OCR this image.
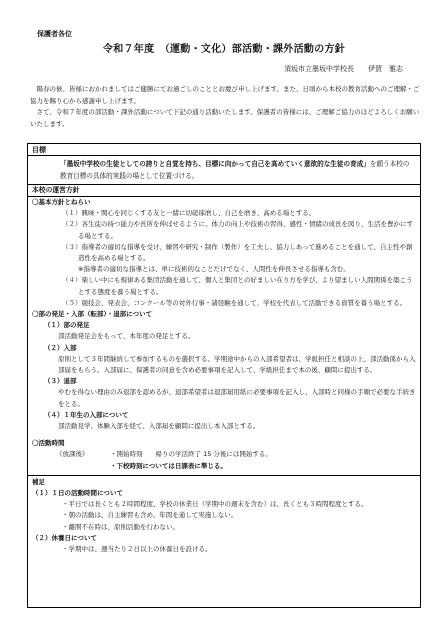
保護者各位
令和７年度　（運動・文化）部活動・課外活動の方針
須坂市立墨坂中学校長　　伊賀　雅志

陽春の候、皆様におかれましてはご健勝にてお過ごしのこととお慶び申し上げます。また、日頃から本校の教育活動へのご理解・ご協力を賜り心から感謝申し上げます。

さて、令和７年度の部活動・課外活動について下記の通り活動いたします。保護者の皆様には、ご理解ご協力のほどよろしくお願いいたします。

目標
「墨坂中学校の生徒としての誇りと自覚を持ち、目標に向かって自己を高めていく意欲的な生徒の育成」を願う本校の教育目標の具体的実践の場として位置づける。
本校の運営方針
〇基本方針とねらい
（１）興味・関心を同じくする友と一緒に切磋琢磨し、自己を磨き、高める場とする。
（２）各生徒の持つ能力や長所を伸ばせるように、体力の向上や技術の習得、感性・情緒の成長を図り、生活を豊かにする場とする。
（３）指導者の適切な指導を受け、練習や研究・制作（製作）を工夫し、協力しあって進めることを通して、自主性や創造性を高める場とする。
※指導者の適切な指導とは、単に技術的なことだけでなく、人間性を伸長させる指導も含む。
（４）楽しい中にも規律ある集団活動を通して、個人と集団との好ましい在り方を学び、より望ましい人間関係を築こうとする態度を養う場とする。
（５）競技会、発表会、コンクール等の対外行事・諸経験を通して、学校を代表して活動できる資質を養う場とする。
〇部の発足・入部（転部）・退部について
（１）部の発足
部活動発足会をもって、本年度の発足とする。
（２）入部
原則として３年間継続して参加するものを選択する。学期途中からの入部希望者は、学級担任と相談の上、部活動係から入部届をもらう。入部届に、保護者の同意を含め必要事項を記入して、学級担任まで本の後、顧問に提出する。
（３）退部
やむを得ない理由のみ退部を認めるが、退部希望者は退部届用紙に必要事項を記入し、入部時と同様の手順で必要な手続きをとる。
（４）１年生の入部について
部活動見学、体験入部を経て、入部届を顧問に提出し本入部とする。
〇活動時間
《放課後》	・開始時刻　　帰りの学活終了 15 分後には開始する。
・下校時刻については日課表に準じる。
補足
（１）１日の活動時間について
・平日では長くとも２時間程度、学校の休業日（学期中の週末を含む）は、長くとも３時間程度とする。
・朝の活動は、自主練習も含め、年間を通して実施しない。
・離開不在時は、原則活動を行わない。
（２）休養日について
・学期中は、週当たり２日以上の休養日を設ける。
